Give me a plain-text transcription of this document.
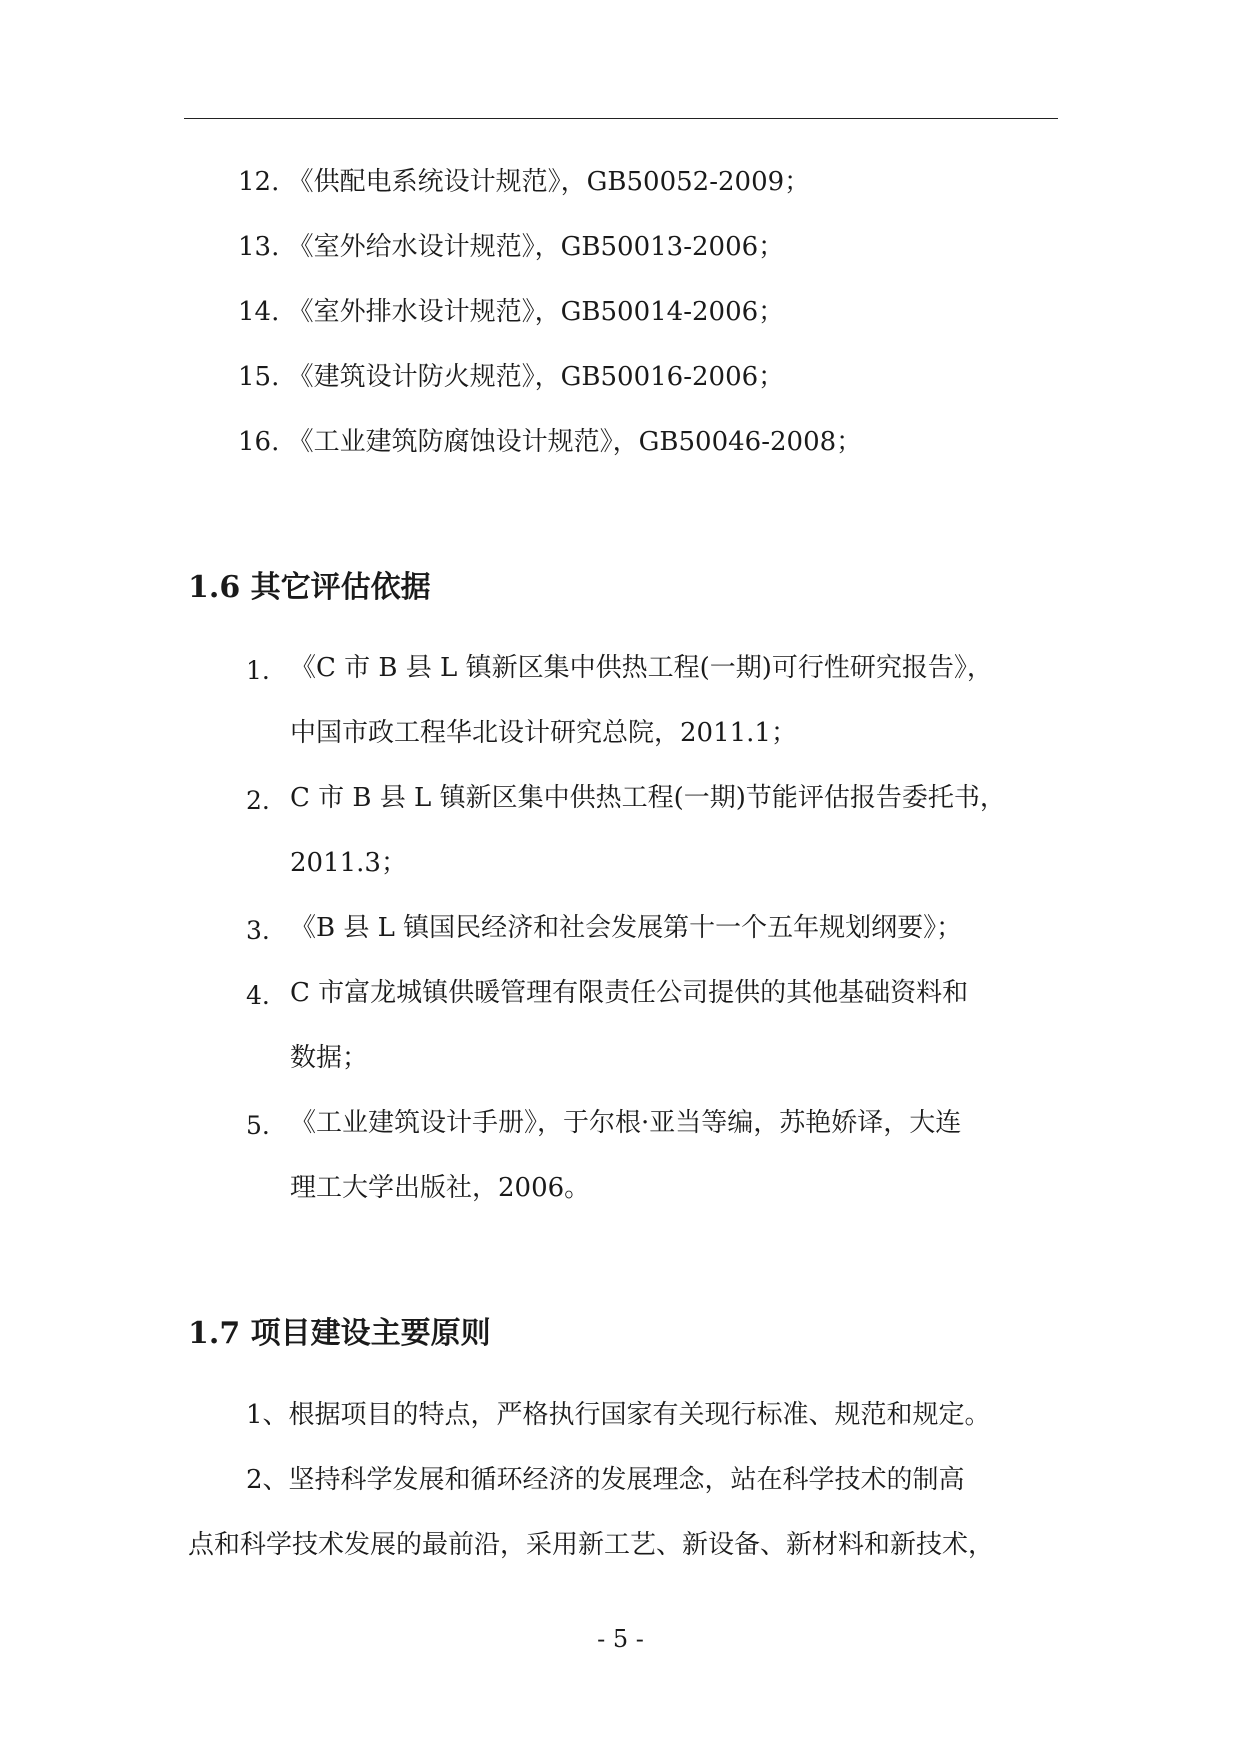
12. 《供配电系统设计规范》，GB50052-2009；
13. 《室外给水设计规范》，GB50013-2006；
14. 《室外排水设计规范》，GB50014-2006；
15. 《建筑设计防火规范》，GB50016-2006；
16. 《工业建筑防腐蚀设计规范》，GB50046-2008；
1.6 其它评估依据
1. 《C 市 B 县 L 镇新区集中供热工程(一期)可行性研究报告》，
中国市政工程华北设计研究总院，2011.1；
2. C 市 B 县 L 镇新区集中供热工程(一期)节能评估报告委托书，
2011.3；
3. 《B 县 L 镇国民经济和社会发展第十一个五年规划纲要》；
4. C 市富龙城镇供暖管理有限责任公司提供的其他基础资料和
数据；
5. 《工业建筑设计手册》，于尔根·亚当等编，苏艳娇译，大连
理工大学出版社，2006。
1.7 项目建设主要原则
1、根据项目的特点，严格执行国家有关现行标准、规范和规定。
2、坚持科学发展和循环经济的发展理念，站在科学技术的制高
点和科学技术发展的最前沿，采用新工艺、新设备、新材料和新技术，
- 5 -
